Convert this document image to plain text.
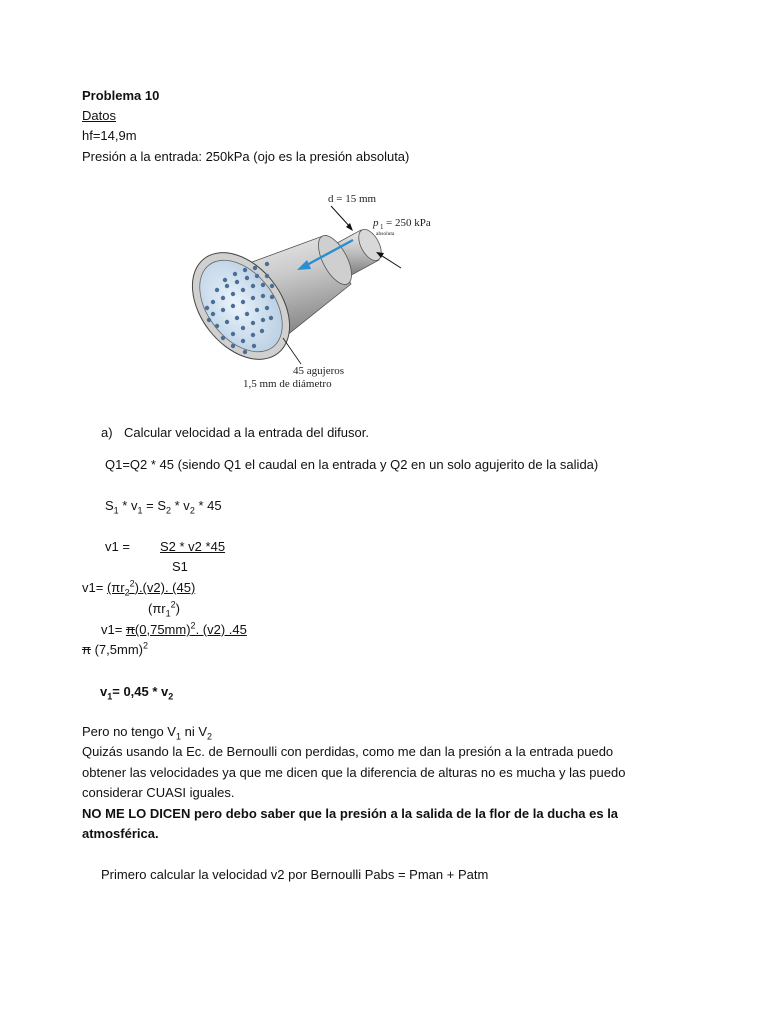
Problema 10
Datos
hf=14,9m
Presión a la entrada: 250kPa (ojo es la presión absoluta)
d = 15 mm
p 1 = 250 kPa
absoluta
45 agujeros
1,5 mm de diámetro
a) Calcular velocidad a la entrada del difusor.
Q1=Q2 * 45 (siendo Q1 el caudal en la entrada y Q2 en un solo agujerito de la salida)
$S_1 * v_1 = S_2 * v_2 * 45$
v1 = S2 * v2 *45
S1
$v1= (\pi r_2^2).(v2)$. (45)
$(\pi r_1^2)$
$v1= \pi(0,75mm)^2$. (v2) .45
π $(7,5mm)^2$
$v_1= 0,45 * v_2$
Pero no tengo $V_1$ ni $V_2$
Quizás usando la Ec. de Bernoulli con perdidas, como me dan la presión a la entrada puedo
obtener las velocidades ya que me dicen que la diferencia de alturas no es mucha y las puedo
considerar CUASI iguales.
NO ME LO DICEN pero debo saber que la presión a la salida de la flor de la ducha es la
atmosférica.
Primero calcular la velocidad v2 por Bernoulli Pabs = Pman + Patm
